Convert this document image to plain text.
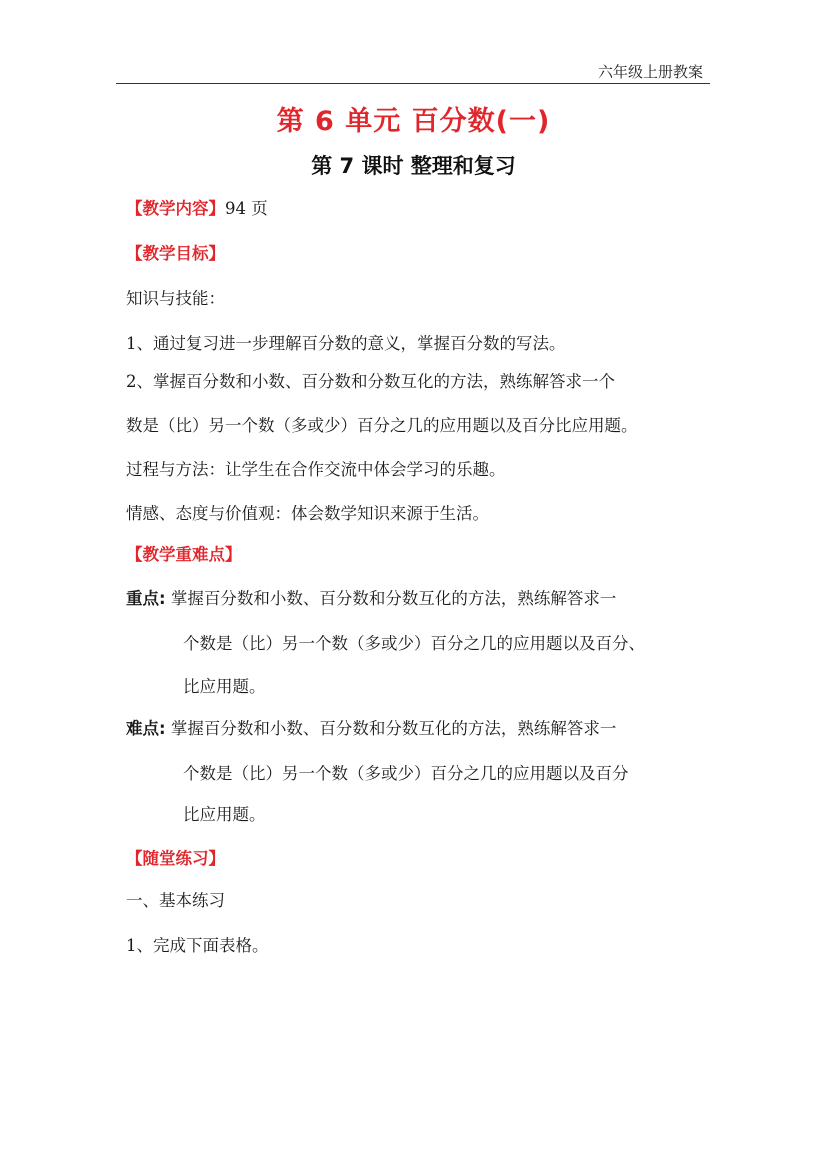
六年级上册教案
第 6 单元 百分数(一)
第 7 课时 整理和复习
【教学内容】94 页
【教学目标】
知识与技能：
1、通过复习进一步理解百分数的意义，掌握百分数的写法。
2、掌握百分数和小数、百分数和分数互化的方法，熟练解答求一个
数是（比）另一个数（多或少）百分之几的应用题以及百分比应用题。
过程与方法：让学生在合作交流中体会学习的乐趣。
情感、态度与价值观：体会数学知识来源于生活。
【教学重难点】
重点: 掌握百分数和小数、百分数和分数互化的方法，熟练解答求一
个数是（比）另一个数（多或少）百分之几的应用题以及百分、
比应用题。
难点: 掌握百分数和小数、百分数和分数互化的方法，熟练解答求一
个数是（比）另一个数（多或少）百分之几的应用题以及百分
比应用题。
【随堂练习】
一、基本练习
1、完成下面表格。
